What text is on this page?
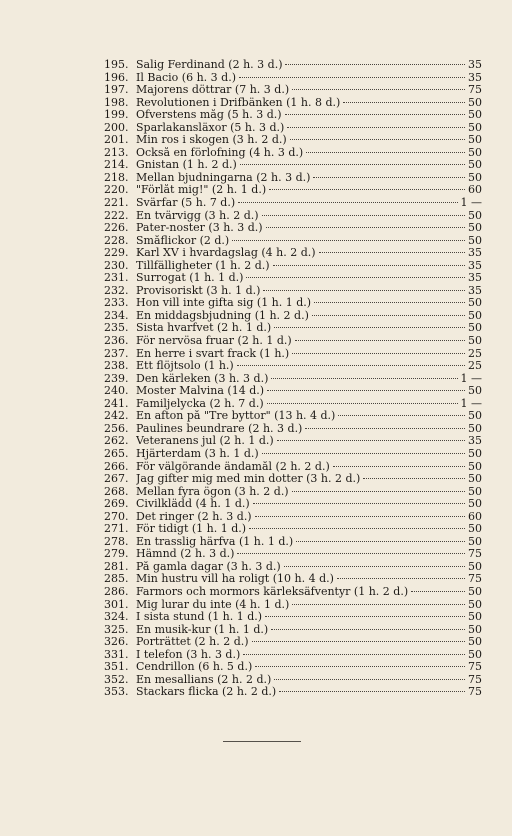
195. Salig Ferdinand (2 h. 3 d.)	35
196. Il Bacio (6 h. 3 d.)	35
197. Majorens döttrar (7 h. 3 d.)	75
198. Revolutionen i Drifbänken (1 h. 8 d.)	50
199. Öfverstens måg (5 h. 3 d.)	50
200. Sparlakansläxor (5 h. 3 d.)	50
201. Min ros i skogen (3 h. 2 d.)	50
213. Också en förlofning (4 h. 3 d.)	50
214. Gnistan (1 h. 2 d.)	50
218. Mellan bjudningarna (2 h. 3 d.)	50
220. "Förlåt mig!" (2 h. 1 d.)	60
221. Svärfar (5 h. 7 d.)	1 —
222. En tvärvigg (3 h. 2 d.)	50
226. Pater-noster (3 h. 3 d.)	50
228. Småflickor (2 d.)	50
229. Karl XV i hvardagslag (4 h. 2 d.)	35
230. Tillfälligheter (1 h. 2 d.)	35
231. Surrogat (1 h. 1 d.)	35
232. Provisoriskt (3 h. 1 d.)	35
233. Hon vill inte gifta sig (1 h. 1 d.)	50
234. En middagsbjudning (1 h. 2 d.)	50
235. Sista hvarfvet (2 h. 1 d.)	50
236. För nervösa fruar (2 h. 1 d.)	50
237. En herre i svart frack (1 h.)	25
238. Ett flöjtsolo (1 h.)	25
239. Den kärleken (3 h. 3 d.)	1 —
240. Moster Malvina (14 d.)	50
241. Familjelycka (2 h. 7 d.)	1 —
242. En afton på "Tre byttor" (13 h. 4 d.)	50
256. Paulines beundrare (2 h. 3 d.)	50
262. Veteranens jul (2 h. 1 d.)	35
265. Hjärterdam (3 h. 1 d.)	50
266. För välgörande ändamål (2 h. 2 d.)	50
267. Jag gifter mig med min dotter (3 h. 2 d.)	50
268. Mellan fyra ögon (3 h. 2 d.)	50
269. Civilklädd (4 h. 1 d.)	50
270. Det ringer (2 h. 3 d.)	60
271. För tidigt (1 h. 1 d.)	50
278. En trasslig härfva (1 h. 1 d.)	50
279. Hämnd (2 h. 3 d.)	75
281. På gamla dagar (3 h. 3 d.)	50
285. Min hustru vill ha roligt (10 h. 4 d.)	75
286. Farmors och mormors kärleksäfventyr (1 h. 2 d.)	50
301. Mig lurar du inte (4 h. 1 d.)	50
324. I sista stund (1 h. 1 d.)	50
325. En musik-kur (1 h. 1 d.)	50
326. Porträttet (2 h. 2 d.)	50
331. I telefon (3 h. 3 d.)	50
351. Cendrillon (6 h. 5 d.)	75
352. En mesallians (2 h. 2 d.)	75
353. Stackars flicka (2 h. 2 d.)	75
